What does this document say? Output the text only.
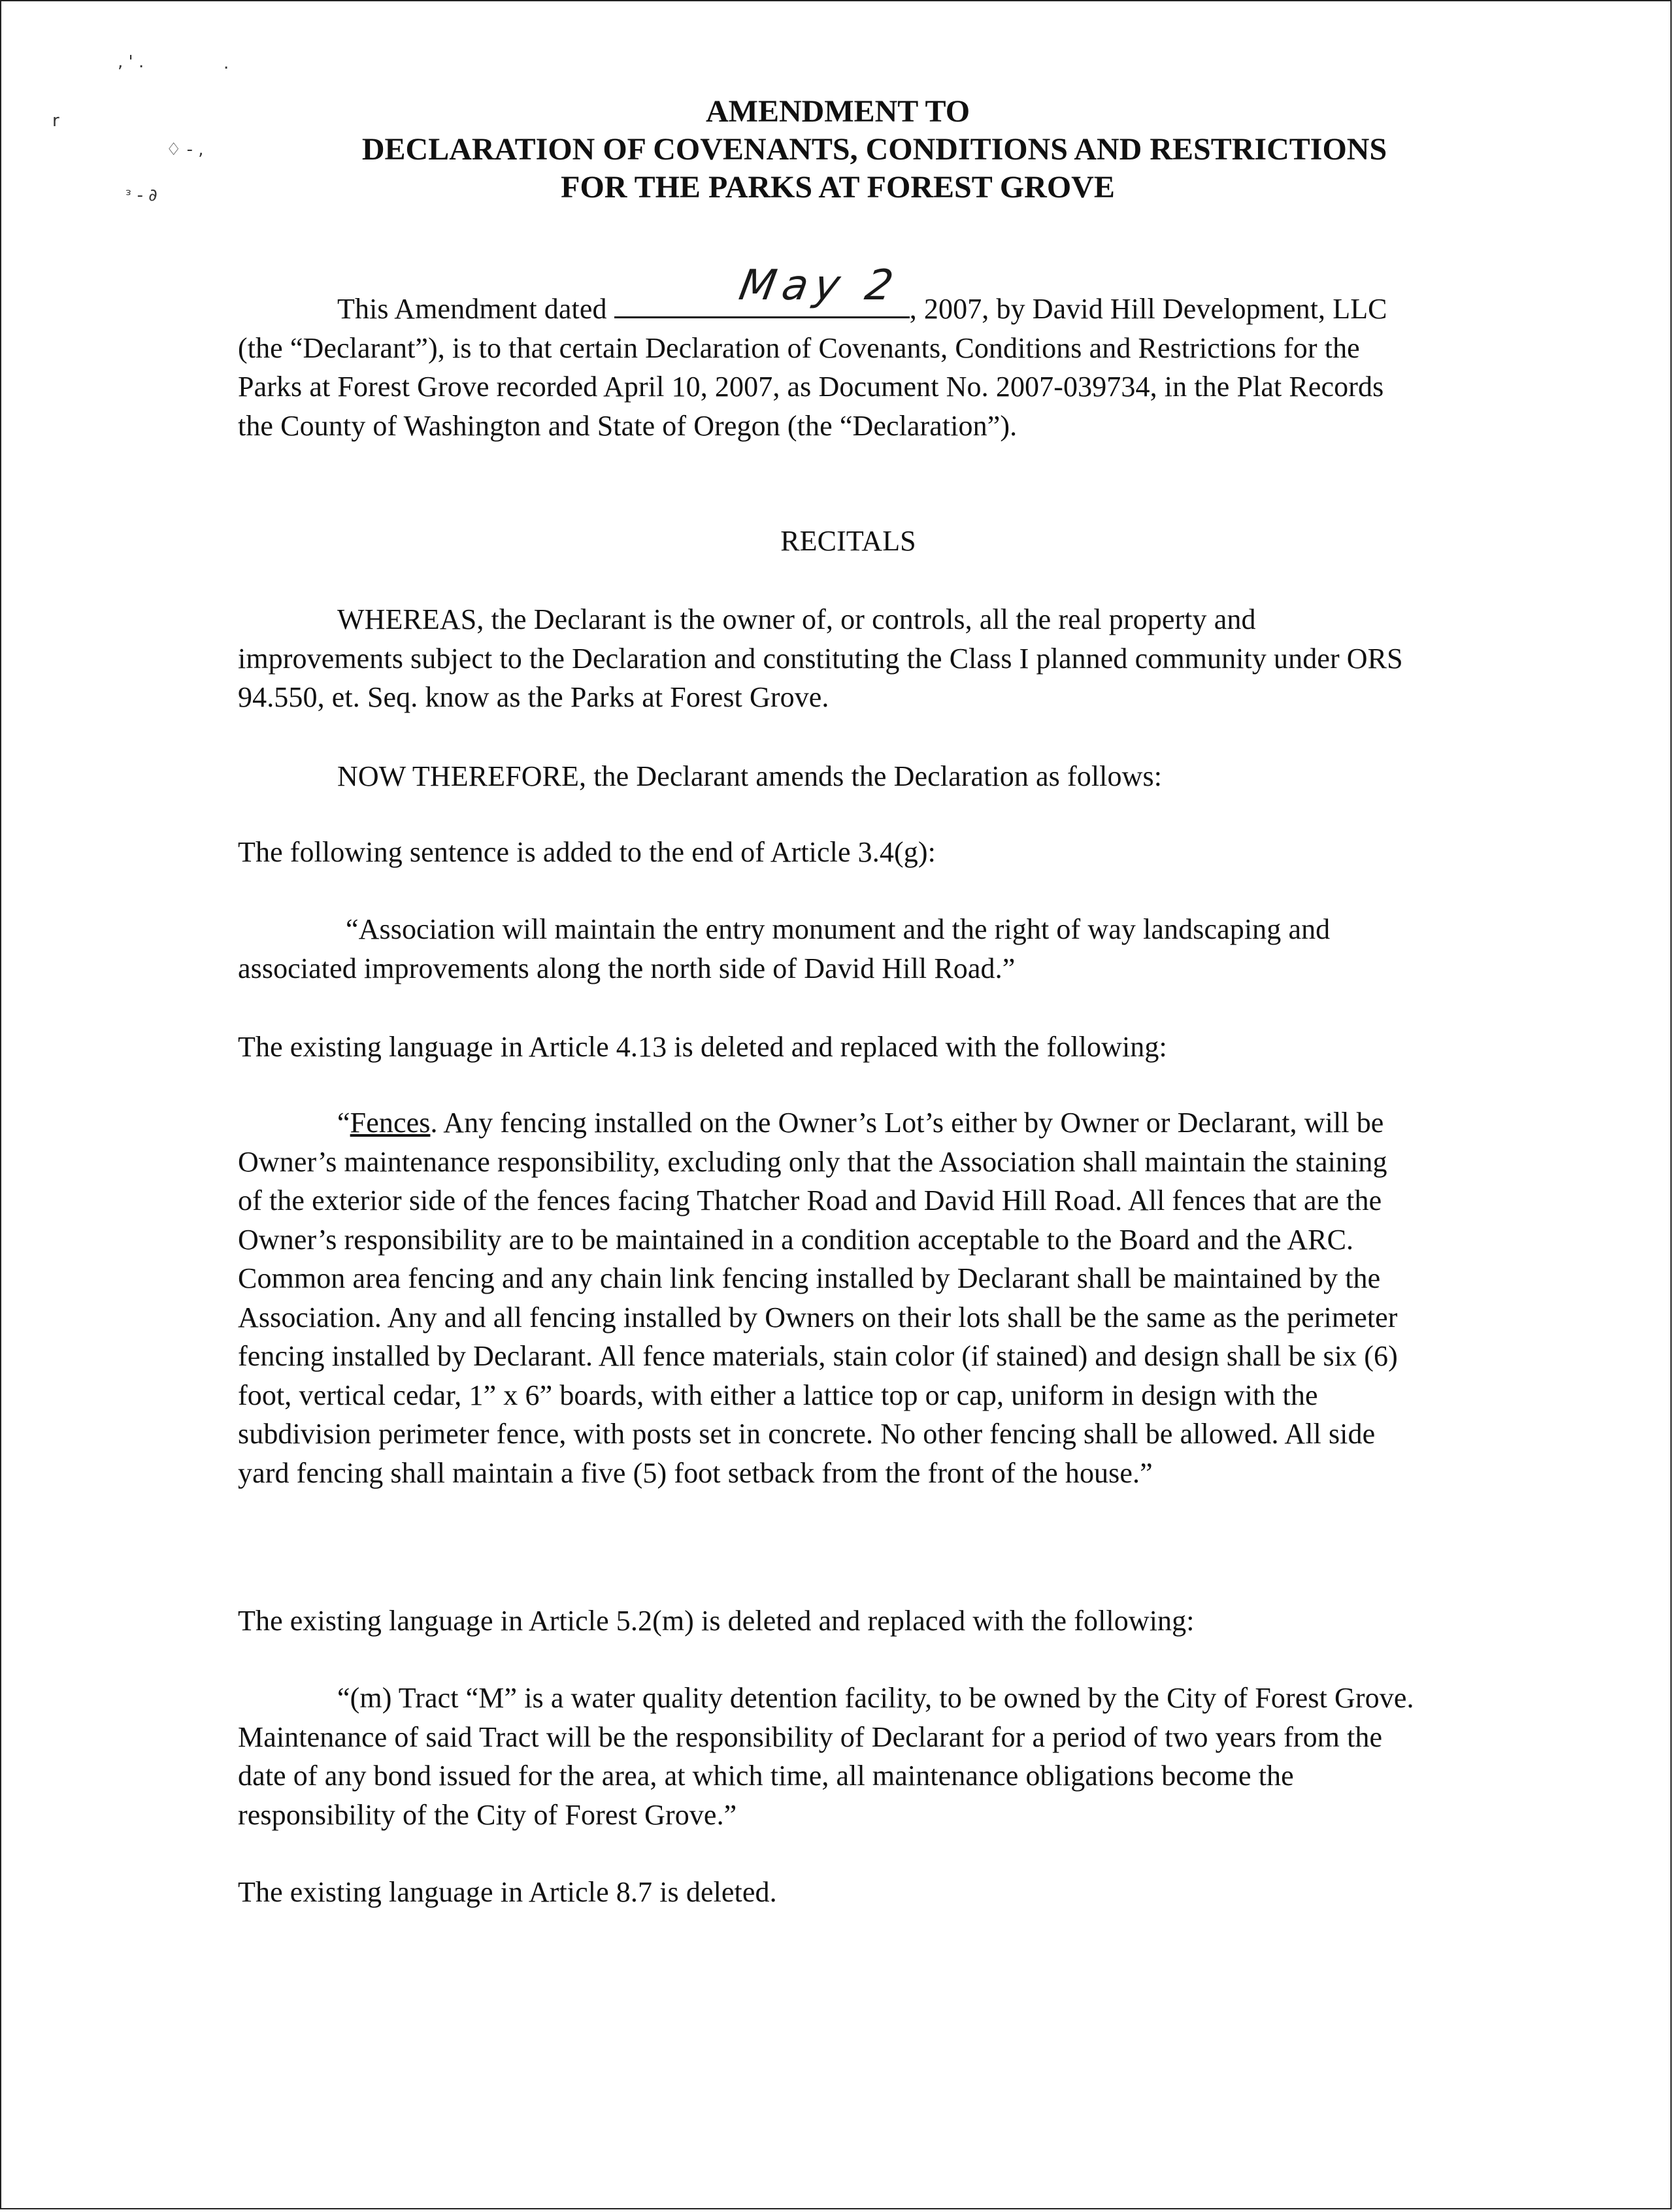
, ' .	.
r
♢ - ,
ᵌ - ∂
AMENDMENT TO
DECLARATION OF COVENANTS, CONDITIONS AND RESTRICTIONS
FOR THE PARKS AT FOREST GROVE
This Amendment dated	May 2 , 2007, by David Hill Development, LLC (the “Declarant”), is to that certain Declaration of Covenants, Conditions and Restrictions for the Parks at Forest Grove recorded April 10, 2007, as Document No. 2007-039734, in the Plat Records the County of Washington and State of Oregon (the “Declaration”).
RECITALS
WHEREAS, the Declarant is the owner of, or controls, all the real property and improvements subject to the Declaration and constituting the Class I planned community under ORS 94.550, et. Seq. know as the Parks at Forest Grove.
NOW THEREFORE, the Declarant amends the Declaration as follows:
The following sentence is added to the end of Article 3.4(g):
“Association will maintain the entry monument and the right of way landscaping and associated improvements along the north side of David Hill Road.”
The existing language in Article 4.13 is deleted and replaced with the following:
“Fences. Any fencing installed on the Owner’s Lot’s either by Owner or Declarant, will be Owner’s maintenance responsibility, excluding only that the Association shall maintain the staining of the exterior side of the fences facing Thatcher Road and David Hill Road. All fences that are the Owner’s responsibility are to be maintained in a condition acceptable to the Board and the ARC. Common area fencing and any chain link fencing installed by Declarant shall be maintained by the Association. Any and all fencing installed by Owners on their lots shall be the same as the perimeter fencing installed by Declarant. All fence materials, stain color (if stained) and design shall be six (6) foot, vertical cedar, 1” x 6” boards, with either a lattice top or cap, uniform in design with the subdivision perimeter fence, with posts set in concrete. No other fencing shall be allowed. All side yard fencing shall maintain a five (5) foot setback from the front of the house.”
The existing language in Article 5.2(m) is deleted and replaced with the following:
“(m) Tract “M” is a water quality detention facility, to be owned by the City of Forest Grove. Maintenance of said Tract will be the responsibility of Declarant for a period of two years from the date of any bond issued for the area, at which time, all maintenance obligations become the responsibility of the City of Forest Grove.”
The existing language in Article 8.7 is deleted.
